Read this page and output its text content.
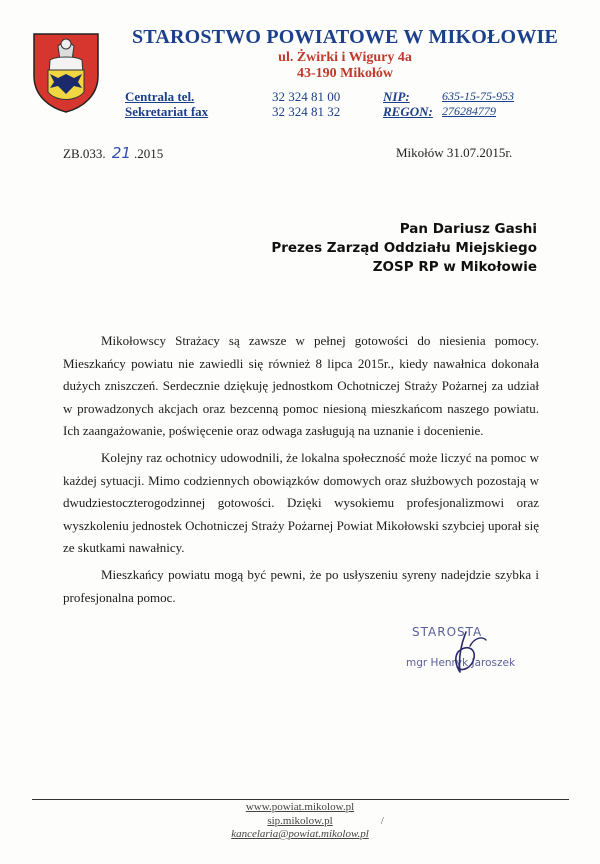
STAROSTWO POWIATOWE W MIKOŁOWIE
ul. Żwirki i Wigury 4a
43-190 Mikołów
Centrala tel.	32 324 81 00
Sekretariat fax	32 324 81 32
NIP:	635-15-75-953
REGON: 276284779
ZB.033. 21 .2015	Mikołów 31.07.2015r.
Pan Dariusz Gashi
Prezes Zarząd Oddziału Miejskiego
ZOSP RP w Mikołowie

Mikołowscy Strażacy są zawsze w pełnej gotowości do niesienia pomocy. Mieszkańcy powiatu nie zawiedli się również 8 lipca 2015r., kiedy nawałnica dokonała dużych zniszczeń. Serdecznie dziękuję jednostkom Ochotniczej Straży Pożarnej za udział w prowadzonych akcjach oraz bezcenną pomoc niesioną mieszkańcom naszego powiatu. Ich zaangażowanie, poświęcenie oraz odwaga zasługują na uznanie i docenienie.

Kolejny raz ochotnicy udowodnili, że lokalna społeczność może liczyć na pomoc w każdej sytuacji. Mimo codziennych obowiązków domowych oraz służbowych pozostają w dwudziestoczterogodzinnej gotowości. Dzięki wysokiemu profesjonalizmowi oraz wyszkoleniu jednostek Ochotniczej Straży Pożarnej Powiat Mikołowski szybciej uporał się ze skutkami nawałnicy.

Mieszkańcy powiatu mogą być pewni, że po usłyszeniu syreny nadejdzie szybka i profesjonalna pomoc.

STAROSTA
mgr Henryk Jaroszek
www.powiat.mikolow.pl
sip.mikolow.pl	/
kancelaria@powiat.mikolow.pl
